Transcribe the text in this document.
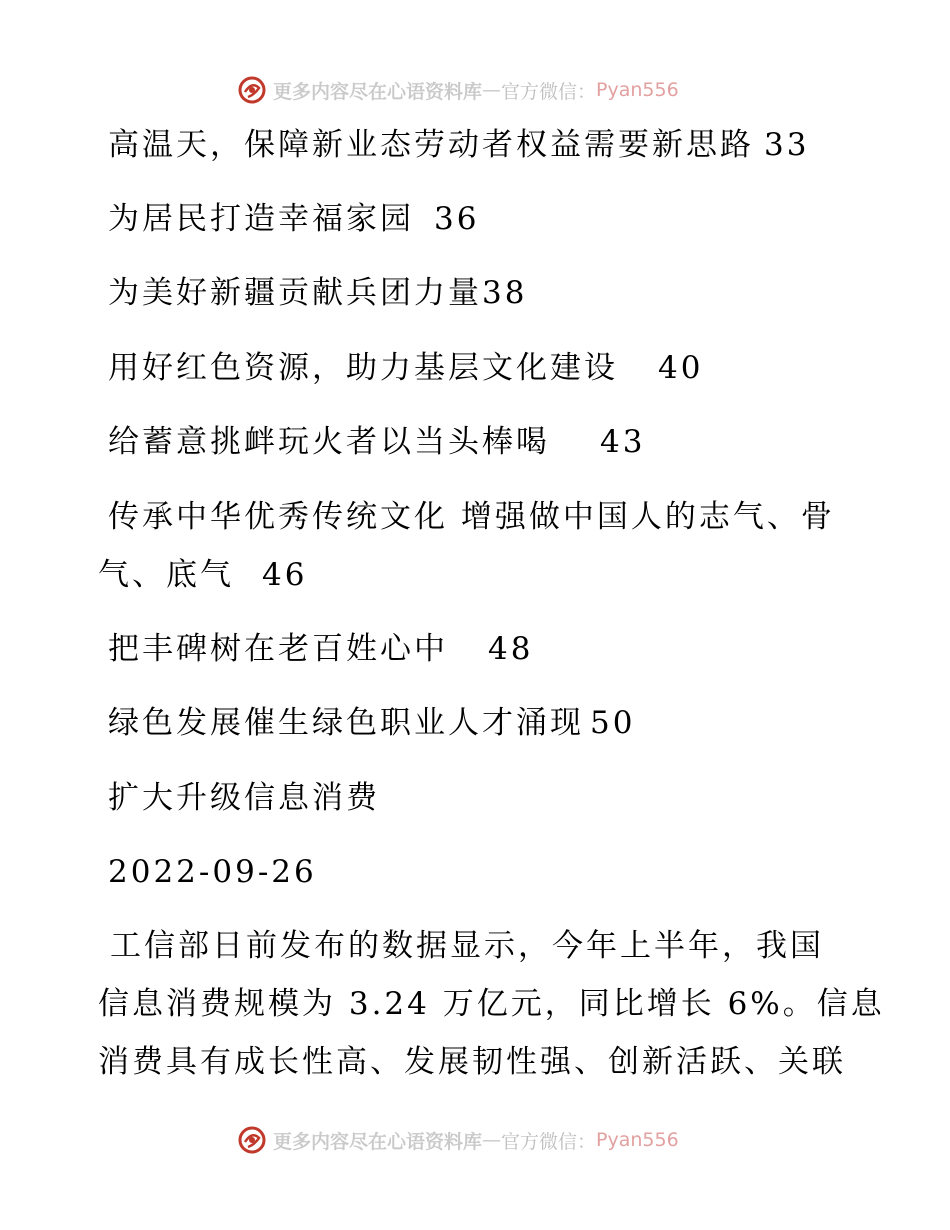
更多内容尽在心语资料库 — 官方微信： Pyan556
高温天，保障新业态劳动者权益需要新思路 33
为居民打造幸福家园 36
为美好新疆贡献兵团力量38
用好红色资源，助力基层文化建设 40
给蓄意挑衅玩火者以当头棒喝 43
传承中华优秀传统文化 增强做中国人的志气、骨
气、底气 46
把丰碑树在老百姓心中 48
绿色发展催生绿色职业人才涌现 50
扩大升级信息消费
2022-09-26
工信部日前发布的数据显示，今年上半年，我国
信息消费规模为 3.24 万亿元，同比增长 6%。信息
消费具有成长性高、发展韧性强、创新活跃、关联
更多内容尽在心语资料库 — 官方微信： Pyan556
